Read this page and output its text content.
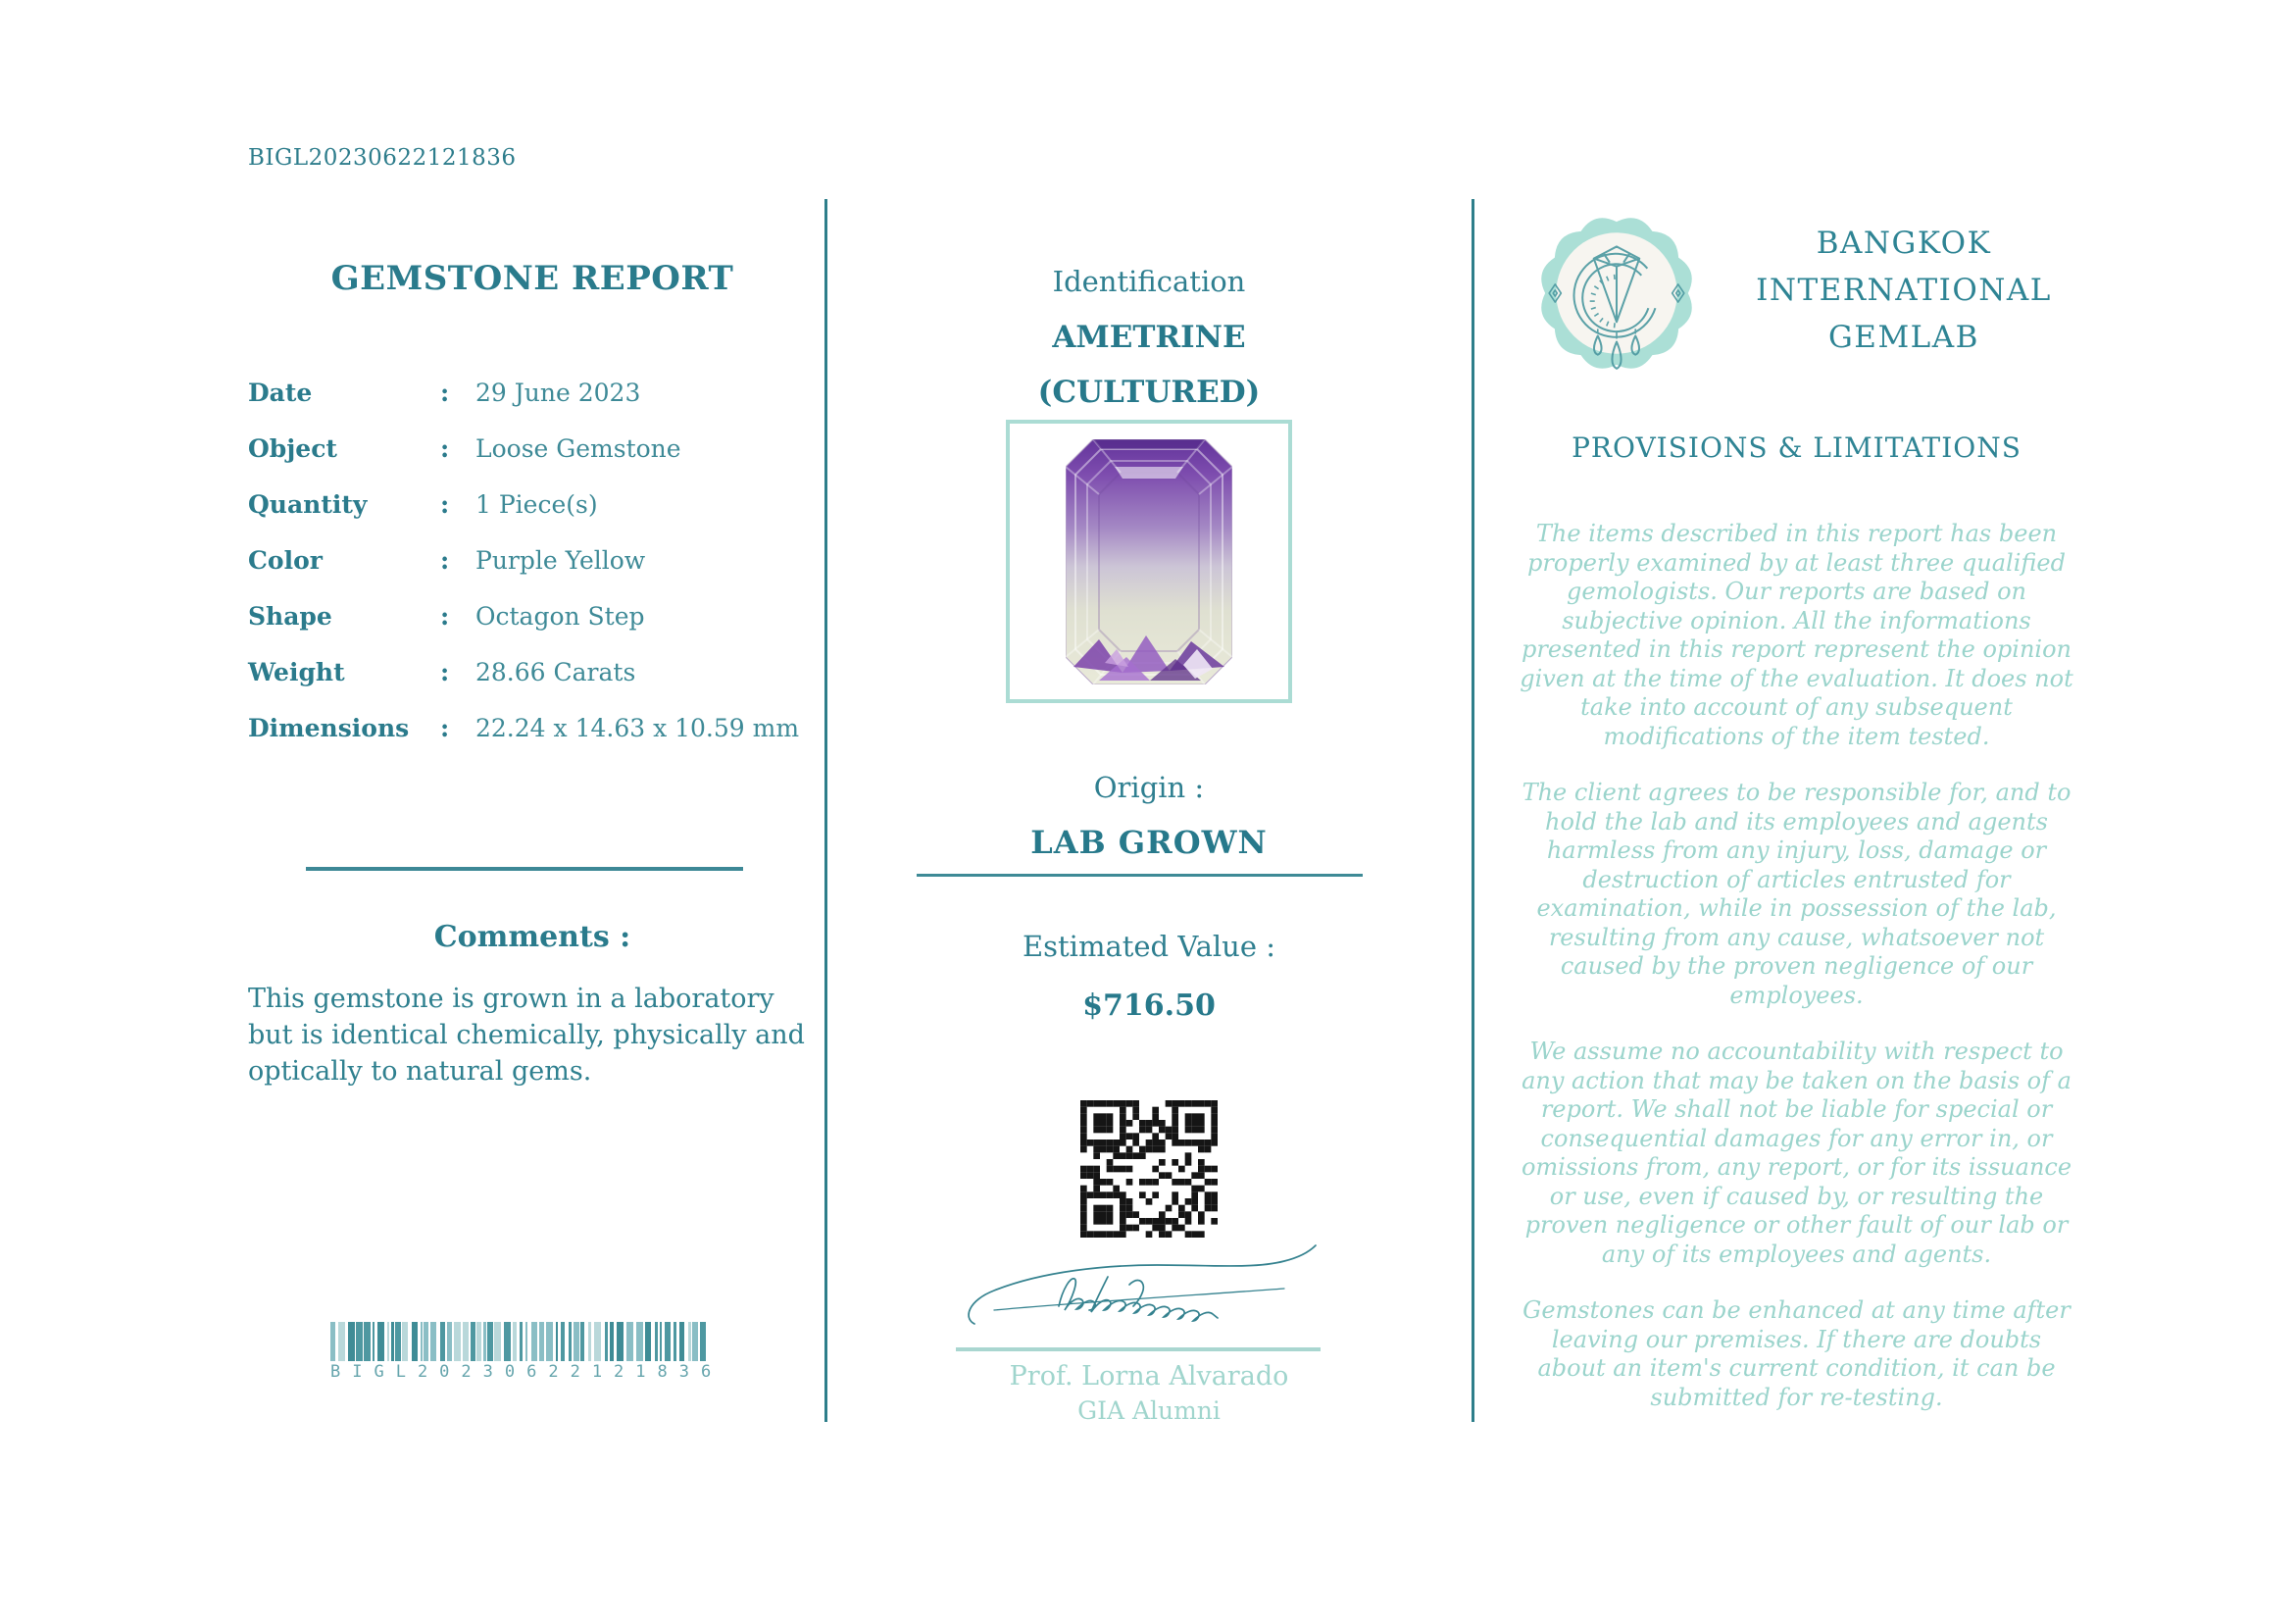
BIGL20230622121836
GEMSTONE REPORT
Date	:	29 June 2023
Object	:	Loose Gemstone
Quantity	:	1 Piece(s)
Color	:	Purple Yellow
Shape	:	Octagon Step
Weight	:	28.66 Carats
Dimensions	:	22.24 x 14.63 x 10.59 mm
Comments :
This gemstone is grown in a laboratory but is identical chemically, physically and optically to natural gems.
BIGL20230622121836
Identification
AMETRINE
(CULTURED)
Origin :
LAB GROWN
Estimated Value :
$716.50
Prof. Lorna Alvarado
GIA Alumni
BANGKOK
INTERNATIONAL
GEMLAB
PROVISIONS & LIMITATIONS

The items described in this report has been properly examined by at least three qualified gemologists. Our reports are based on subjective opinion. All the informations presented in this report represent the opinion given at the time of the evaluation. It does not take into account of any subsequent modifications of the item tested.

The client agrees to be responsible for, and to hold the lab and its employees and agents harmless from any injury, loss, damage or destruction of articles entrusted for examination, while in possession of the lab, resulting from any cause, whatsoever not caused by the proven negligence of our employees.

We assume no accountability with respect to any action that may be taken on the basis of a report. We shall not be liable for special or consequential damages for any error in, or omissions from, any report, or for its issuance or use, even if caused by, or resulting the proven negligence or other fault of our lab or any of its employees and agents.

Gemstones can be enhanced at any time after leaving our premises. If there are doubts about an item's current condition, it can be submitted for re-testing.
